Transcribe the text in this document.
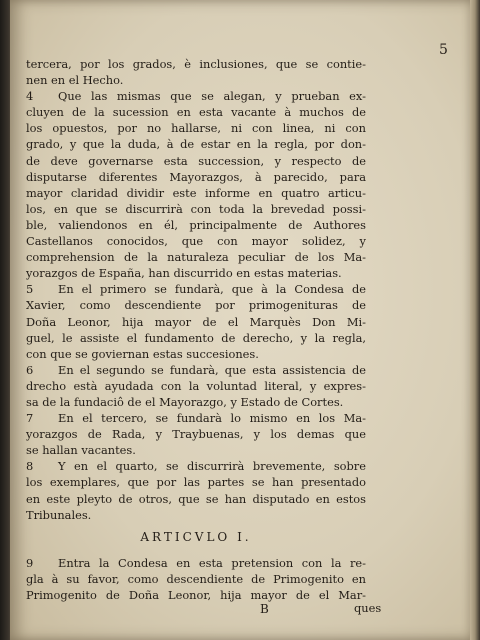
5
tercera, por los grados, è inclusiones, que se contie-
nen en el Hecho.
4 Que las mismas que se alegan, y prueban ex-
cluyen de la sucession en esta vacante à muchos de
los opuestos, por no hallarse, ni con linea, ni con
grado, y que la duda, à de estar en la regla, por don-
de deve governarse esta succession, y respecto de
disputarse diferentes Mayorazgos, à parecido, para
mayor claridad dividir este informe en quatro articu-
los, en que se discurrirà con toda la brevedad possi-
ble, valiendonos en él, principalmente de Authores
Castellanos conocidos, que con mayor solidez, y
comprehension de la naturaleza peculiar de los Ma-
yorazgos de España, han discurrido en estas materias.
5 En el primero se fundarà, que à la Condesa de
Xavier, como descendiente por primogenituras de
Doña Leonor, hija mayor de el Marquès Don Mi-
guel, le assiste el fundamento de derecho, y la regla,
con que se goviernan estas succesiones.
6 En el segundo se fundarà, que esta assistencia de
drecho està ayudada con la voluntad literal, y expres-
sa de la fundaciô de el Mayorazgo, y Estado de Cortes.
7 En el tercero, se fundarà lo mismo en los Ma-
yorazgos de Rada, y Traybuenas, y los demas que
se hallan vacantes.
8 Y en el quarto, se discurrirà brevemente, sobre
los exemplares, que por las partes se han presentado
en este pleyto de otros, que se han disputado en estos
Tribunales.
ARTICVLO I.
9 Entra la Condesa en esta pretension con la re-
gla à su favor, como descendiente de Primogenito en
Primogenito de Doña Leonor, hija mayor de el Mar-
B	ques
